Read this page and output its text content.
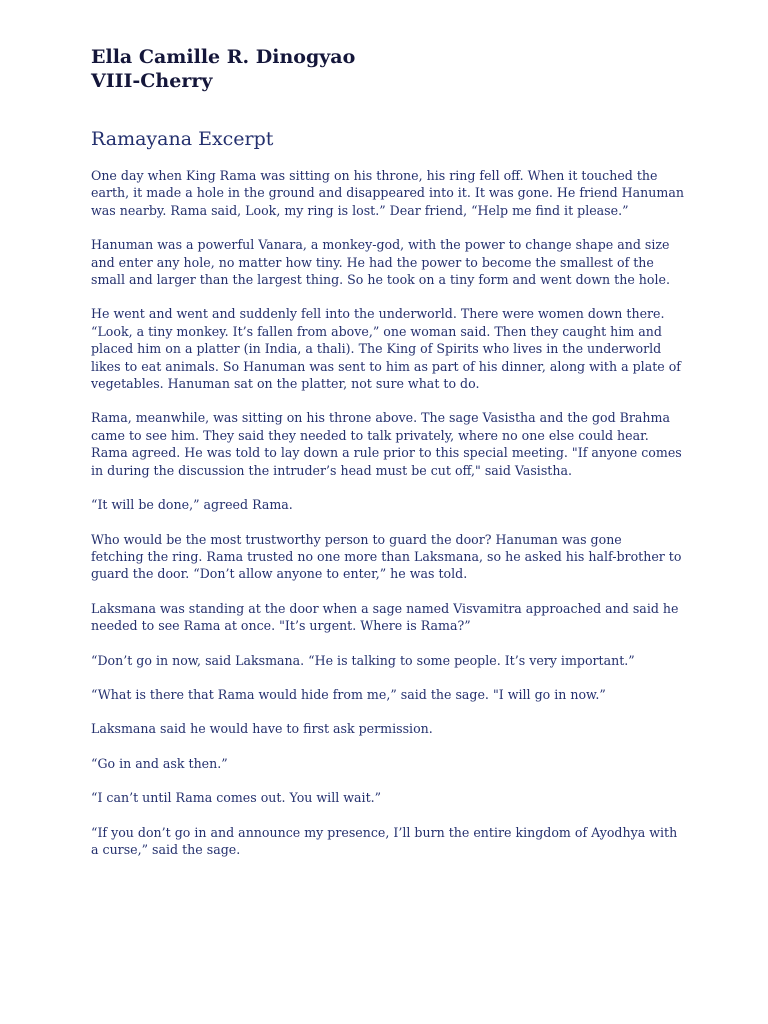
Ella Camille R. Dinogyao
VIII-Cherry
Ramayana Excerpt

One day when King Rama was sitting on his throne, his ring fell off. When it touched the
earth, it made a hole in the ground and disappeared into it. It was gone. He friend Hanuman
was nearby. Rama said, Look, my ring is lost.” Dear friend, “Help me find it please.”

Hanuman was a powerful Vanara, a monkey-god, with the power to change shape and size
and enter any hole, no matter how tiny. He had the power to become the smallest of the
small and larger than the largest thing. So he took on a tiny form and went down the hole.

He went and went and suddenly fell into the underworld. There were women down there.
“Look, a tiny monkey. It’s fallen from above,” one woman said. Then they caught him and
placed him on a platter (in India, a thali). The King of Spirits who lives in the underworld
likes to eat animals. So Hanuman was sent to him as part of his dinner, along with a plate of
vegetables. Hanuman sat on the platter, not sure what to do.

Rama, meanwhile, was sitting on his throne above. The sage Vasistha and the god Brahma
came to see him. They said they needed to talk privately, where no one else could hear.
Rama agreed. He was told to lay down a rule prior to this special meeting. "If anyone comes
in during the discussion the intruder’s head must be cut off," said Vasistha.

“It will be done,” agreed Rama.

Who would be the most trustworthy person to guard the door? Hanuman was gone
fetching the ring. Rama trusted no one more than Laksmana, so he asked his half-brother to
guard the door. “Don’t allow anyone to enter,” he was told.

Laksmana was standing at the door when a sage named Visvamitra approached and said he
needed to see Rama at once. "It’s urgent. Where is Rama?”

“Don’t go in now, said Laksmana. “He is talking to some people. It’s very important.”

“What is there that Rama would hide from me,” said the sage. "I will go in now.”

Laksmana said he would have to first ask permission.

“Go in and ask then.”

“I can’t until Rama comes out. You will wait.”

“If you don’t go in and announce my presence, I’ll burn the entire kingdom of Ayodhya with
a curse,” said the sage.
